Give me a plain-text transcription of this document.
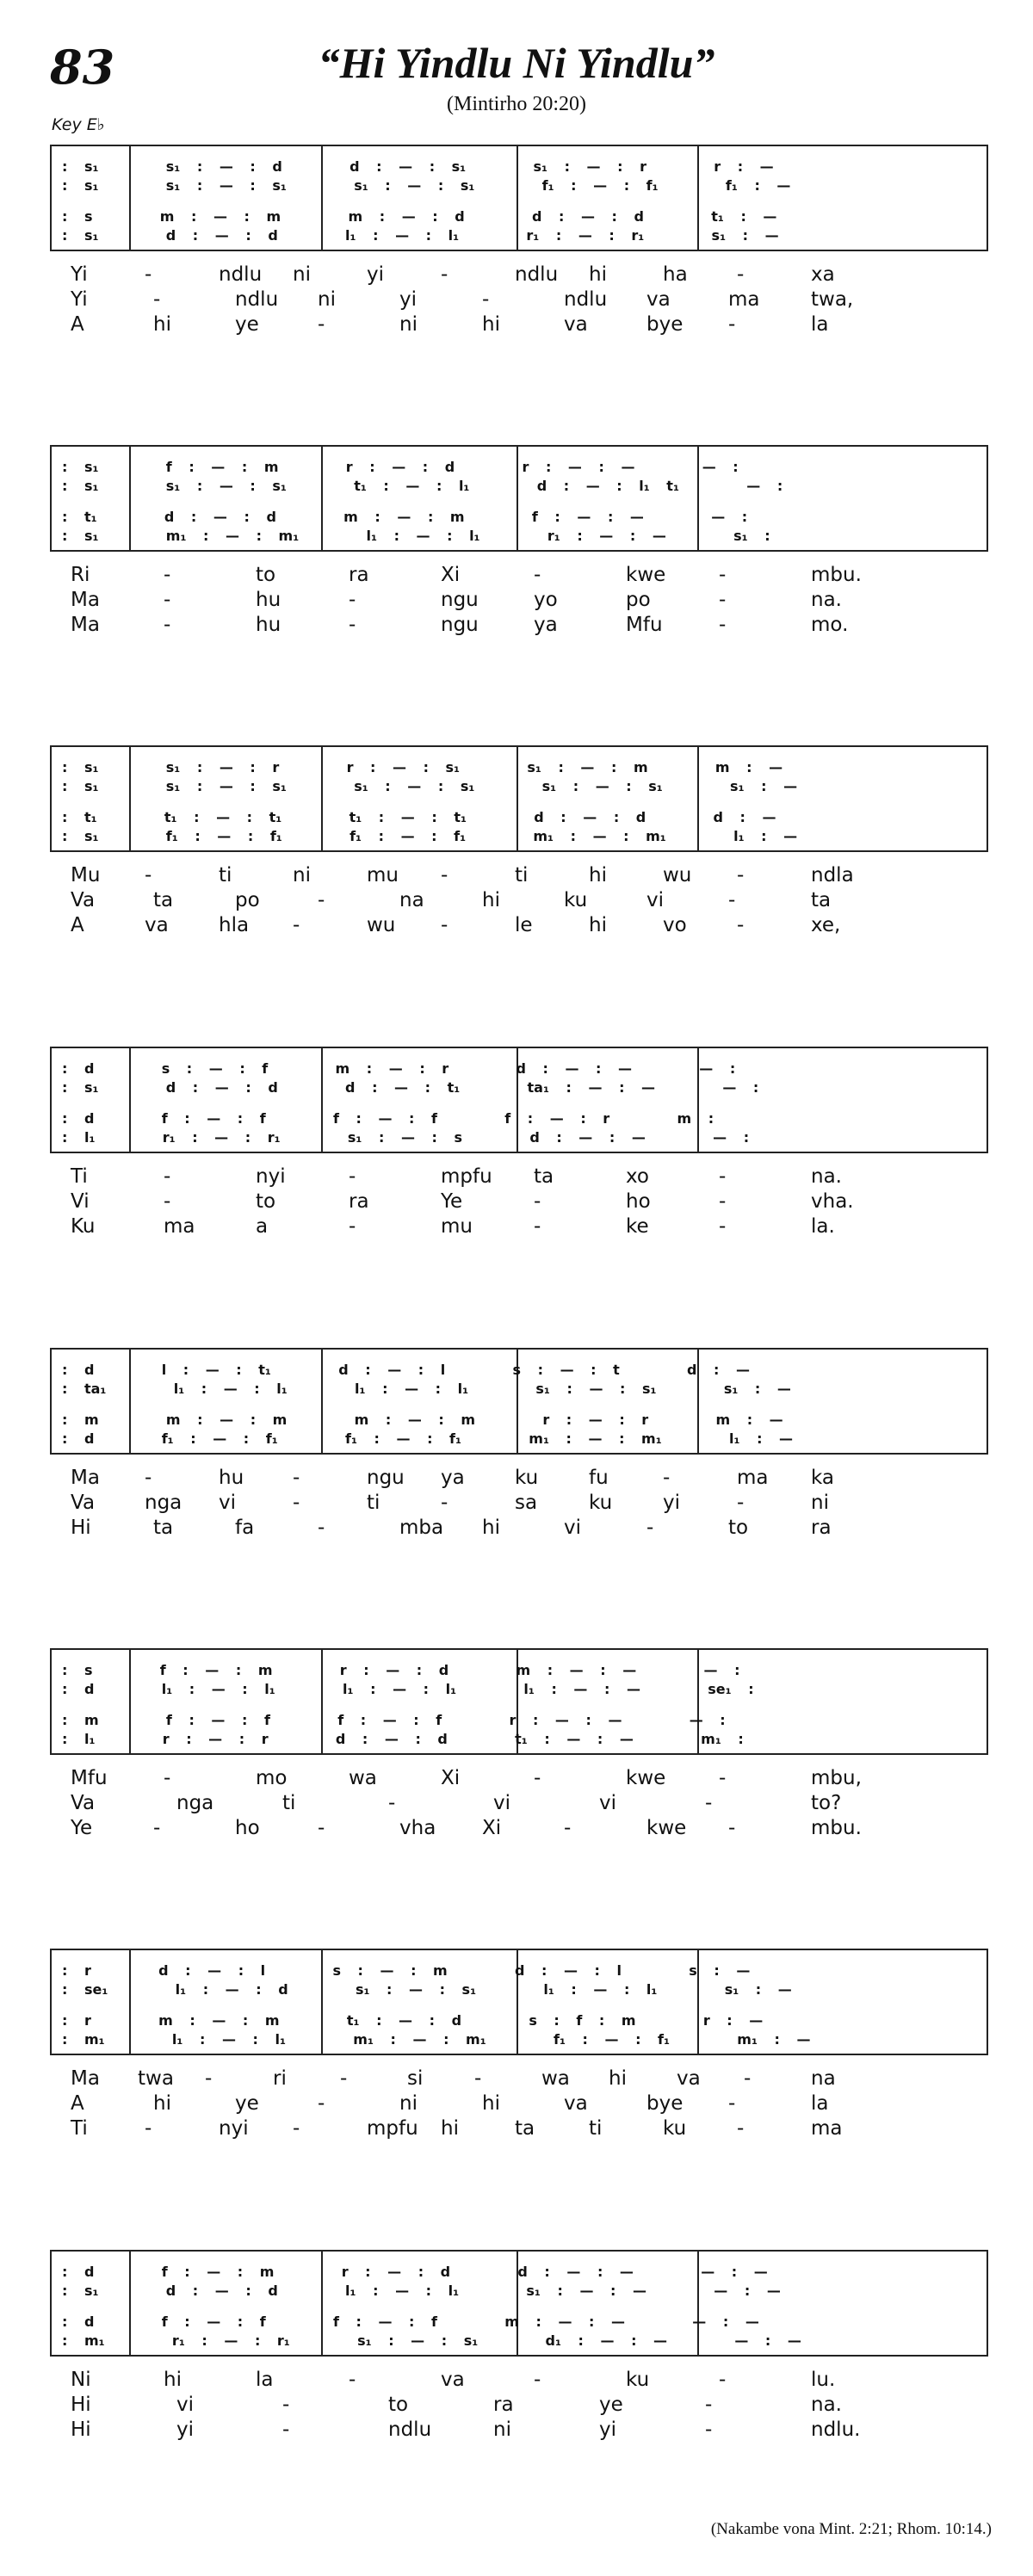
83	“Hi Yindlu Ni Yindlu”
(Mintirho 20:20)
Key E♭
: s₁    s₁ : — : d    d : — : s₁    s₁ : — : r    r : —
: s₁    s₁ : — : s₁    s₁ : — : s₁    f₁ : — : f₁    f₁ : —
: s    m : — : m    m : — : d    d : — : d    t₁ : —
: s₁    d : — : d    l₁ : — : l₁    r₁ : — : r₁    s₁ : —
Yi	-	ndlu ni	yi	-	ndlu hi	ha -	xa
Yi	-	ndlu ni	yi	-	ndlu va	ma	twa,
A	hi	ye	-	ni	hi	va	bye -	la
: s₁    f : — : m    r : — : d    r : — : —    — :
: s₁    s₁ : — : s₁    t₁ : — : l₁    d : — : l₁ t₁    — :
: t₁    d : — : d    m : — : m    f : — : —    — :
: s₁    m₁ : — : m₁    l₁ : — : l₁    r₁ : — : —    s₁ :
Ri	-	to	ra	Xi	-	kwe	-	mbu.
Ma	-	hu	-	ngu	yo	po	-	na.
Ma	-	hu	-	ngu	ya	Mfu	-	mo.
: s₁    s₁ : — : r    r : — : s₁    s₁ : — : m    m : —
: s₁    s₁ : — : s₁    s₁ : — : s₁    s₁ : — : s₁    s₁ : —
: t₁    t₁ : — : t₁    t₁ : — : t₁    d : — : d    d : —
: s₁    f₁ : — : f₁    f₁ : — : f₁    m₁ : — : m₁    l₁ : —
Mu -	ti	ni	mu -	ti	hi	wu -	ndla
Va	ta	po	-	na	hi	ku	vi	-	ta
A	va	hla -	wu -	le	hi	vo	-	xe,
: d    s : — : f    m : — : r    d : — : —    — :
: s₁    d : — : d    d : — : t₁    ta₁ : — : —    — :
: d    f : — : f    f : — : f    f : — : r    m :
: l₁    r₁ : — : r₁    s₁ : — : s    d : — : —    — :
Ti	-	nyi	-	mpfu ta	xo	-	na.
Vi	-	to	ra	Ye	-	ho	-	vha.
Ku	ma	a	-	mu	-	ke	-	la.
: d    l : — : t₁    d : — : l    s : — : t    d : —
: ta₁    l₁ : — : l₁    l₁ : — : l₁    s₁ : — : s₁    s₁ : —
: m    m : — : m    m : — : m    r : — : r    m : —
: d    f₁ : — : f₁    f₁ : — : f₁    m₁ : — : m₁    l₁ : —
Ma -	hu -	ngu ya	ku	fu	-	ma ka
Va	nga vi	-	ti	-	sa	ku	yi	-	ni
Hi	ta	fa	-	mba hi	vi	-	to	ra
: s    f : — : m    r : — : d    m : — : —    — :
: d    l₁ : — : l₁    l₁ : — : l₁    l₁ : — : —    se₁ :
: m    f : — : f    f : — : f    r : — : —    — :
: l₁    r : — : r    d : — : d    t₁ : — : —    m₁ :
Mfu	-	mo	wa	Xi	-	kwe	-	mbu,
Va	nga	ti	-	vi	vi	-	to?
Ye	-	ho	-	vha Xi	-	kwe -	mbu.
: r    d : — : l    s : — : m    d : — : l    s : —
: se₁    l₁ : — : d    s₁ : — : s₁    l₁ : — : l₁    s₁ : —
: r    m : — : m    t₁ : — : d    s : f : m    r : —
: m₁    l₁ : — : l₁    m₁ : — : m₁    f₁ : — : f₁    m₁ : —
Ma twa -	ri	-	si	-	wa hi	va -	na
A	hi	ye	-	ni	hi	va	bye -	la
Ti	-	nyi -	mpfu hi	ta	ti	ku	-	ma
: d    f : — : m    r : — : d    d : — : —    — : —
: s₁    d : — : d    l₁ : — : l₁    s₁ : — : —    — : —
: d    f : — : f    f : — : f    m : — : —    — : —
: m₁    r₁ : — : r₁    s₁ : — : s₁    d₁ : — : —    — : —
Ni	hi	la	-	va	-	ku	-	lu.
Hi	vi	-	to	ra	ye	-	na.
Hi	yi	-	ndlu	ni	yi	-	ndlu.
(Nakambe vona Mint. 2:21; Rhom. 10:14.)
